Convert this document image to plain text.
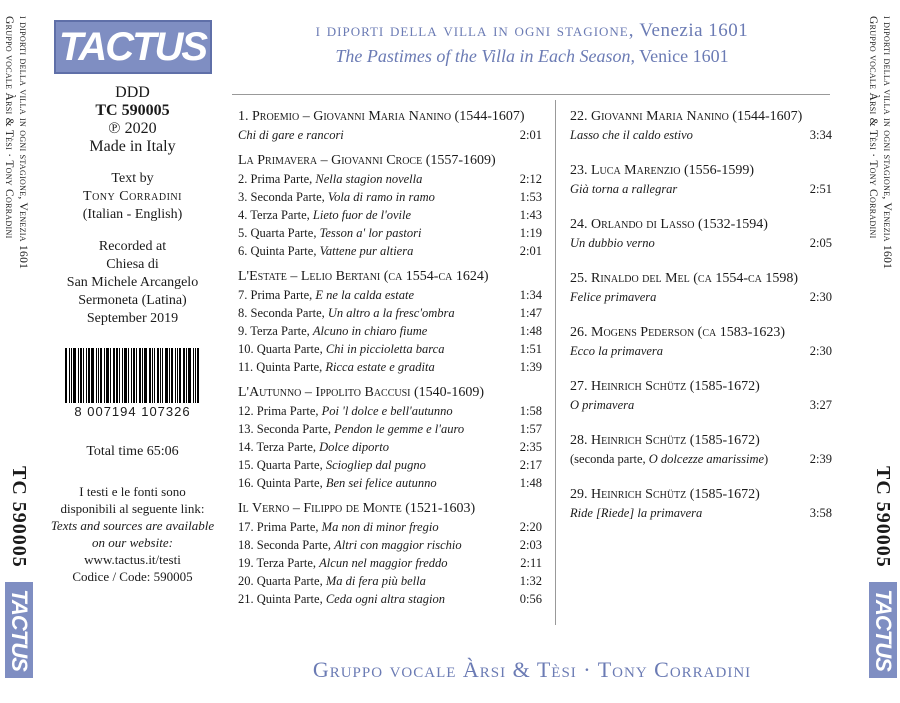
i diporti della villa in ogni stagione, Venezia 1601
Gruppo vocale Àrsi & Tèsi · Tony Corradini
TC 590005
TACTUS
i diporti della villa in ogni stagione, Venezia 1601
Gruppo vocale Àrsi & Tèsi · Tony Corradini
TC 590005
TACTUS
TACTUS
DDD
TC 590005
℗ 2020
Made in Italy
Text by
Tony Corradini
(Italian - English)
Recorded at
Chiesa di
San Michele Arcangelo
Sermoneta (Latina)
September 2019
8 007194 107326
Total time 65:06
I testi e le fonti sono
disponibili al seguente link:
Texts and sources are available
on our website:
www.tactus.it/testi
Codice / Code: 590005
i diporti della villa in ogni stagione, Venezia 1601
The Pastimes of the Villa in Each Season, Venice 1601
1. Proemio – Giovanni Maria Nanino (1544-1607)
Chi di gare e rancori	2:01
La Primavera – Giovanni Croce (1557-1609)
2. Prima Parte, Nella stagion novella	2:12
3. Seconda Parte, Vola di ramo in ramo	1:53
4. Terza Parte, Lieto fuor de l'ovile	1:43
5. Quarta Parte, Tesson a' lor pastori	1:19
6. Quinta Parte, Vattene pur altiera	2:01
L'Estate – Lelio Bertani (ca 1554-ca 1624)
7. Prima Parte, E ne la calda estate	1:34
8. Seconda Parte, Un altro a la fresc'ombra	1:47
9. Terza Parte, Alcuno in chiaro fiume	1:48
10. Quarta Parte, Chi in piccioletta barca	1:51
11. Quinta Parte, Ricca estate e gradita	1:39
L'Autunno – Ippolito Baccusi (1540-1609)
12. Prima Parte, Poi 'l dolce e bell'autunno	1:58
13. Seconda Parte, Pendon le gemme e l'auro	1:57
14. Terza Parte, Dolce diporto	2:35
15. Quarta Parte, Sciogliер dal pugno	2:17
16. Quinta Parte, Ben sei felice autunno	1:48
Il Verno – Filippo de Monte (1521-1603)
17. Prima Parte, Ma non di minor fregio	2:20
18. Seconda Parte, Altri con maggior rischio	2:03
19. Terza Parte, Alcun nel maggior freddo	2:11
20. Quarta Parte, Ma di fera più bella	1:32
21. Quinta Parte, Ceda ogni altra stagion	0:56
22. Giovanni Maria Nanino (1544-1607)
Lasso che il caldo estivo	3:34
23. Luca Marenzio (1556-1599)
Già torna a rallegrar	2:51
24. Orlando di Lasso (1532-1594)
Un dubbio verno	2:05
25. Rinaldo del Mel (ca 1554-ca 1598)
Felice primavera	2:30
26. Mogens Pederson (ca 1583-1623)
Ecco la primavera	2:30
27. Heinrich Schütz (1585-1672)
O primavera	3:27
28. Heinrich Schütz (1585-1672)
(seconda parte, O dolcezze amarissime)	2:39
29. Heinrich Schütz (1585-1672)
Ride [Riede] la primavera	3:58
Gruppo vocale Àrsi & Tèsi · Tony Corradini
